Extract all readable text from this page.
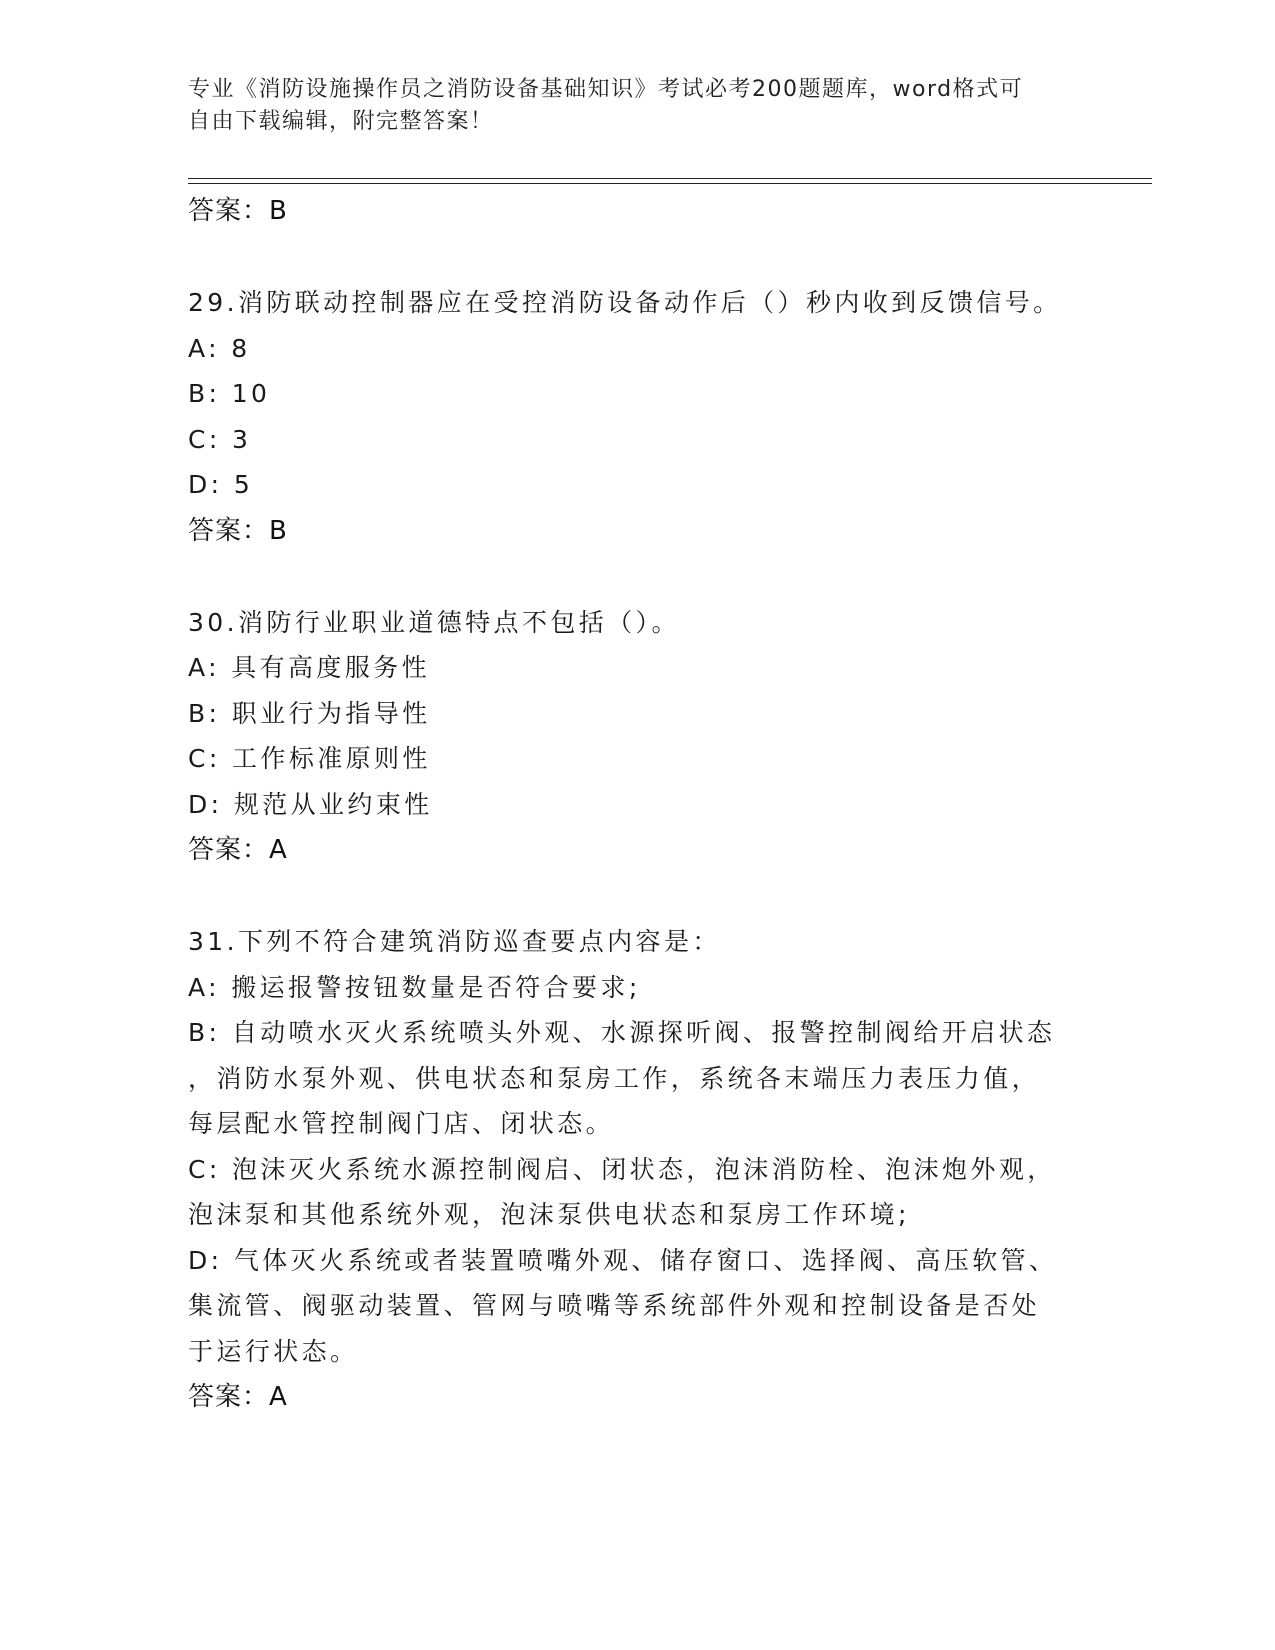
专业《消防设施操作员之消防设备基础知识》考试必考200题题库，word格式可
自由下载编辑，附完整答案！
答案：B
29.消防联动控制器应在受控消防设备动作后（）秒内收到反馈信号。
A: 8
B: 10
C: 3
D: 5
答案：B
30.消防行业职业道德特点不包括（）。
A: 具有高度服务性
B: 职业行为指导性
C: 工作标准原则性
D: 规范从业约束性
答案：A
31.下列不符合建筑消防巡查要点内容是：
A: 搬运报警按钮数量是否符合要求;
B: 自动喷水灭火系统喷头外观、水源探听阀、报警控制阀给开启状态
，消防水泵外观、供电状态和泵房工作，系统各末端压力表压力值，
每层配水管控制阀门店、闭状态。
C: 泡沫灭火系统水源控制阀启、闭状态，泡沫消防栓、泡沫炮外观，
泡沫泵和其他系统外观，泡沫泵供电状态和泵房工作环境;
D: 气体灭火系统或者装置喷嘴外观、储存窗口、选择阀、高压软管、
集流管、阀驱动装置、管网与喷嘴等系统部件外观和控制设备是否处
于运行状态。
答案：A
